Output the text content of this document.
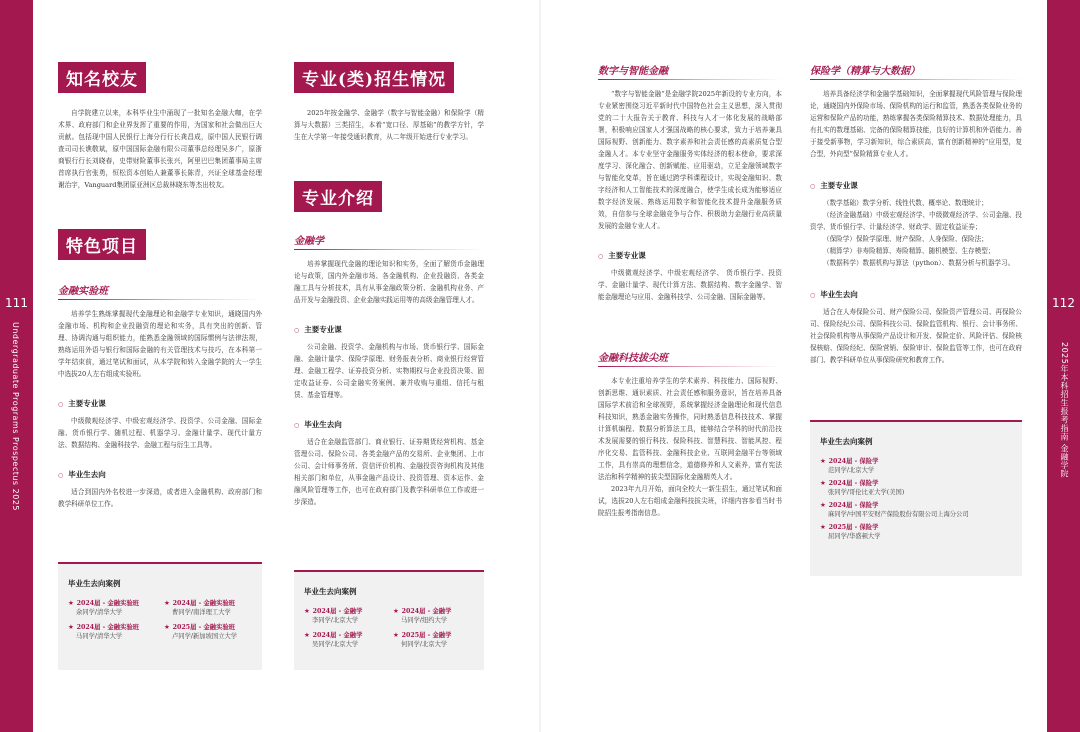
111
Undergraduate Programs Prospectus 2025
112
2025年本科招生报考指南 金融学院
知名校友

自学院建立以来，本科毕业生中涌现了一批知名金融大咖，在学术界、政府部门和企业界发挥了重要的作用，为国家和社会做出巨大贡献。包括现中国人民银行上海分行行长龚昌成，原中国人民银行调查司司长谯敬斌，原中国国际金融有限公司董事总经理吴多广，原浙商银行行长刘晓春，史带财险董事长张兴，阿里巴巴集团董事局主席 首席执行官张勇，恒松资本创始人兼董事长陈青，兴证全球基金经理谢治宇，Vanguard集团原亚洲区总裁林晓东等杰出校友。

特色项目
金融实验班

培养学生熟练掌握现代金融理论和金融学专业知识，通晓国内外金融市场、机构和企业投融资的理论和实务，具有突出的创新、管理、协调沟通与组织能力，能熟悉金融领域的国际惯例与法律法规，熟练运用外语与银行和国际金融的有关管理技术与技巧，在本科第一学年结束前，通过笔试和面试，从本学院和转入金融学院的大一学生中选拔20人左右组成实验班。

○ 主要专业课

中级微观经济学、中级宏观经济学、投资学、公司金融、国际金融、货币银行学、随机过程、机器学习、金融计量学、现代计量方法、数据结构、金融科技学、金融工程与衍生工具等。

○ 毕业生去向

适合到国内外名校进一步深造，或者进入金融机构、政府部门和教学科研单位工作。

毕业生去向案例
★ 2024届 - 金融实验班
余同学/清华大学
★ 2024届 - 金融实验班
曹同学/南洋理工大学
★ 2024届 - 金融实验班
马同学/清华大学
★ 2025届 - 金融实验班
卢同学/新加坡国立大学
专业(类)招生情况

2025年按金融学、金融学（数字与智能金融）和保险学（精算与大数据）三类招生，本着“宽口径、厚基础”的教学方针，学生在大学第一年接受通识教育，从二年级开始进行专业学习。

专业介绍
金融学

培养掌握现代金融的理论知识和实务，全面了解货币金融理论与政策，国内外金融市场、各金融机构、企业投融资、各类金融工具与分析技术，具有从事金融政策分析、金融机构业务、产品开发与金融投资、企业金融实践运用等的高级金融管理人才。

○ 主要专业课

公司金融、投资学、金融机构与市场、货币银行学、国际金融、金融计量学、保险学原理、财务报表分析、商业银行经营管理、金融工程学、证券投资分析、实物期权与企业投资决策、固定收益证券、公司金融实务案例、兼并收购与重组、信托与租赁、基金管理等。

○ 毕业生去向

适合在金融监管部门、商业银行、证券期货经营机构、基金管理公司、保险公司、各类金融产品的交易所、企业集团、上市公司、会计师事务所、资信评价机构、金融投资咨询机构及其他相关部门和单位，从事金融产品设计、投资管理、资本运作、金融风险管理等工作，也可在政府部门及教学科研单位工作或进一步深造。

毕业生去向案例
★ 2024届 - 金融学
李同学/北京大学
★ 2024届 - 金融学
马同学/纽约大学
★ 2024届 - 金融学
吴同学/北京大学
★ 2025届 - 金融学
何同学/北京大学
数字与智能金融

“数字与智能金融”是金融学院2025年新设的专业方向，本专业紧密围绕习近平新时代中国特色社会主义思想，深入贯彻党的二十大报告关于教育、科技与人才一体化发展的战略部署，积极响应国家人才强国战略的核心要求，致力于培养兼具国际视野、创新能力、数字素养和社会责任感的高素质复合型金融人才。本专业坚守金融服务实体经济的根本使命，要求深度学习、深化融合、创新赋能、应用驱动，立足金融领域数字与智能化变革，旨在通过跨学科课程设计，实现金融知识、数字经济和人工智能技术的深度融合，使学生成长成为能够适应数字经济发展、熟练运用数字和智能化技术提升金融服务质效，自信参与全球金融竞争与合作、积极助力金融行业高质量发展的金融专业人才。

○ 主要专业课

中级微观经济学、中级宏观经济学、 货币银行学、投资学、金融计量学、现代计算方法、数据结构、数字金融学、智能金融理论与应用、金融科技学、公司金融、国际金融等。

金融科技拔尖班

本专业注重培养学生的学术素养、科技能力、国际视野、创新思维、通识素质、社会责任感和服务意识，旨在培养具备国际学术前沿和全球视野，系统掌握经济金融理论和现代信息科技知识，熟悉金融实务操作，同时熟悉信息科技技术、掌握计算机编程、数据分析算法工具，能够结合学科的时代前沿技术发展需要的银行科技、保险科技、智慧科技、智能风控、程序化交易、监管科技、金融科技企业、互联网金融平台等领域工作，具有崇高的理想信念，道德修养和人文素养，富有宪法法治和科学精神的拔尖型国际化金融精英人才。

2023年九月开始，面向全校大一新生招生，通过笔试和面试，选拔20人左右组成金融科技拔尖班，详细内容参看当时书院招生报考指南信息。

保险学（精算与大数据）

培养具备经济学和金融学基础知识，全面掌握现代风险管理与保险理论，通晓国内外保险市场、保险机构的运行和监管，熟悉各类保险业务的运营和保险产品的功能，熟练掌握各类保险精算技术、数据处理能力，具有扎实的数理基础、完备的保险精算技能，良好的计算机和外语能力、善于接受新事物，学习新知识，综合素质高，富有创新精神的“应用型，复合型，外向型”保险精算专业人才。

○ 主要专业课

（数学基础）数学分析、线性代数、概率论、数理统计；

（经济金融基础）中级宏观经济学、中级微观经济学、公司金融、投资学、货币银行学、计量经济学、财政学、固定收益证券；

（保险学）保险学原理、财产保险、人身保险、保险法；

（精算学）非寿险精算、寿险精算、随机模型、生存模型；

（数据科学）数据机构与算法（python）、数据分析与机器学习。

○ 毕业生去向

适合在人寿保险公司、财产保险公司、保险资产管理公司、再保险公司、保险经纪公司、保险科技公司、保险监管机构、银行、会计事务所、社会保险机构等从事保险产品设计和开发、保险定价、风险评估、保险核保核赔、保险经纪、保险营销、保险审计、保险监管等工作，也可在政府部门、教学科研单位从事保险研究和教育工作。

毕业生去向案例
★ 2024届 - 保险学
范同学/北京大学
★ 2024届 - 保险学
张同学/哥伦比亚大学(美国)
★ 2024届 - 保险学
麻同学/中国平安财产保险股份有限公司上海分公司
★ 2025届 - 保险学
屈同学/华盛顿大学
